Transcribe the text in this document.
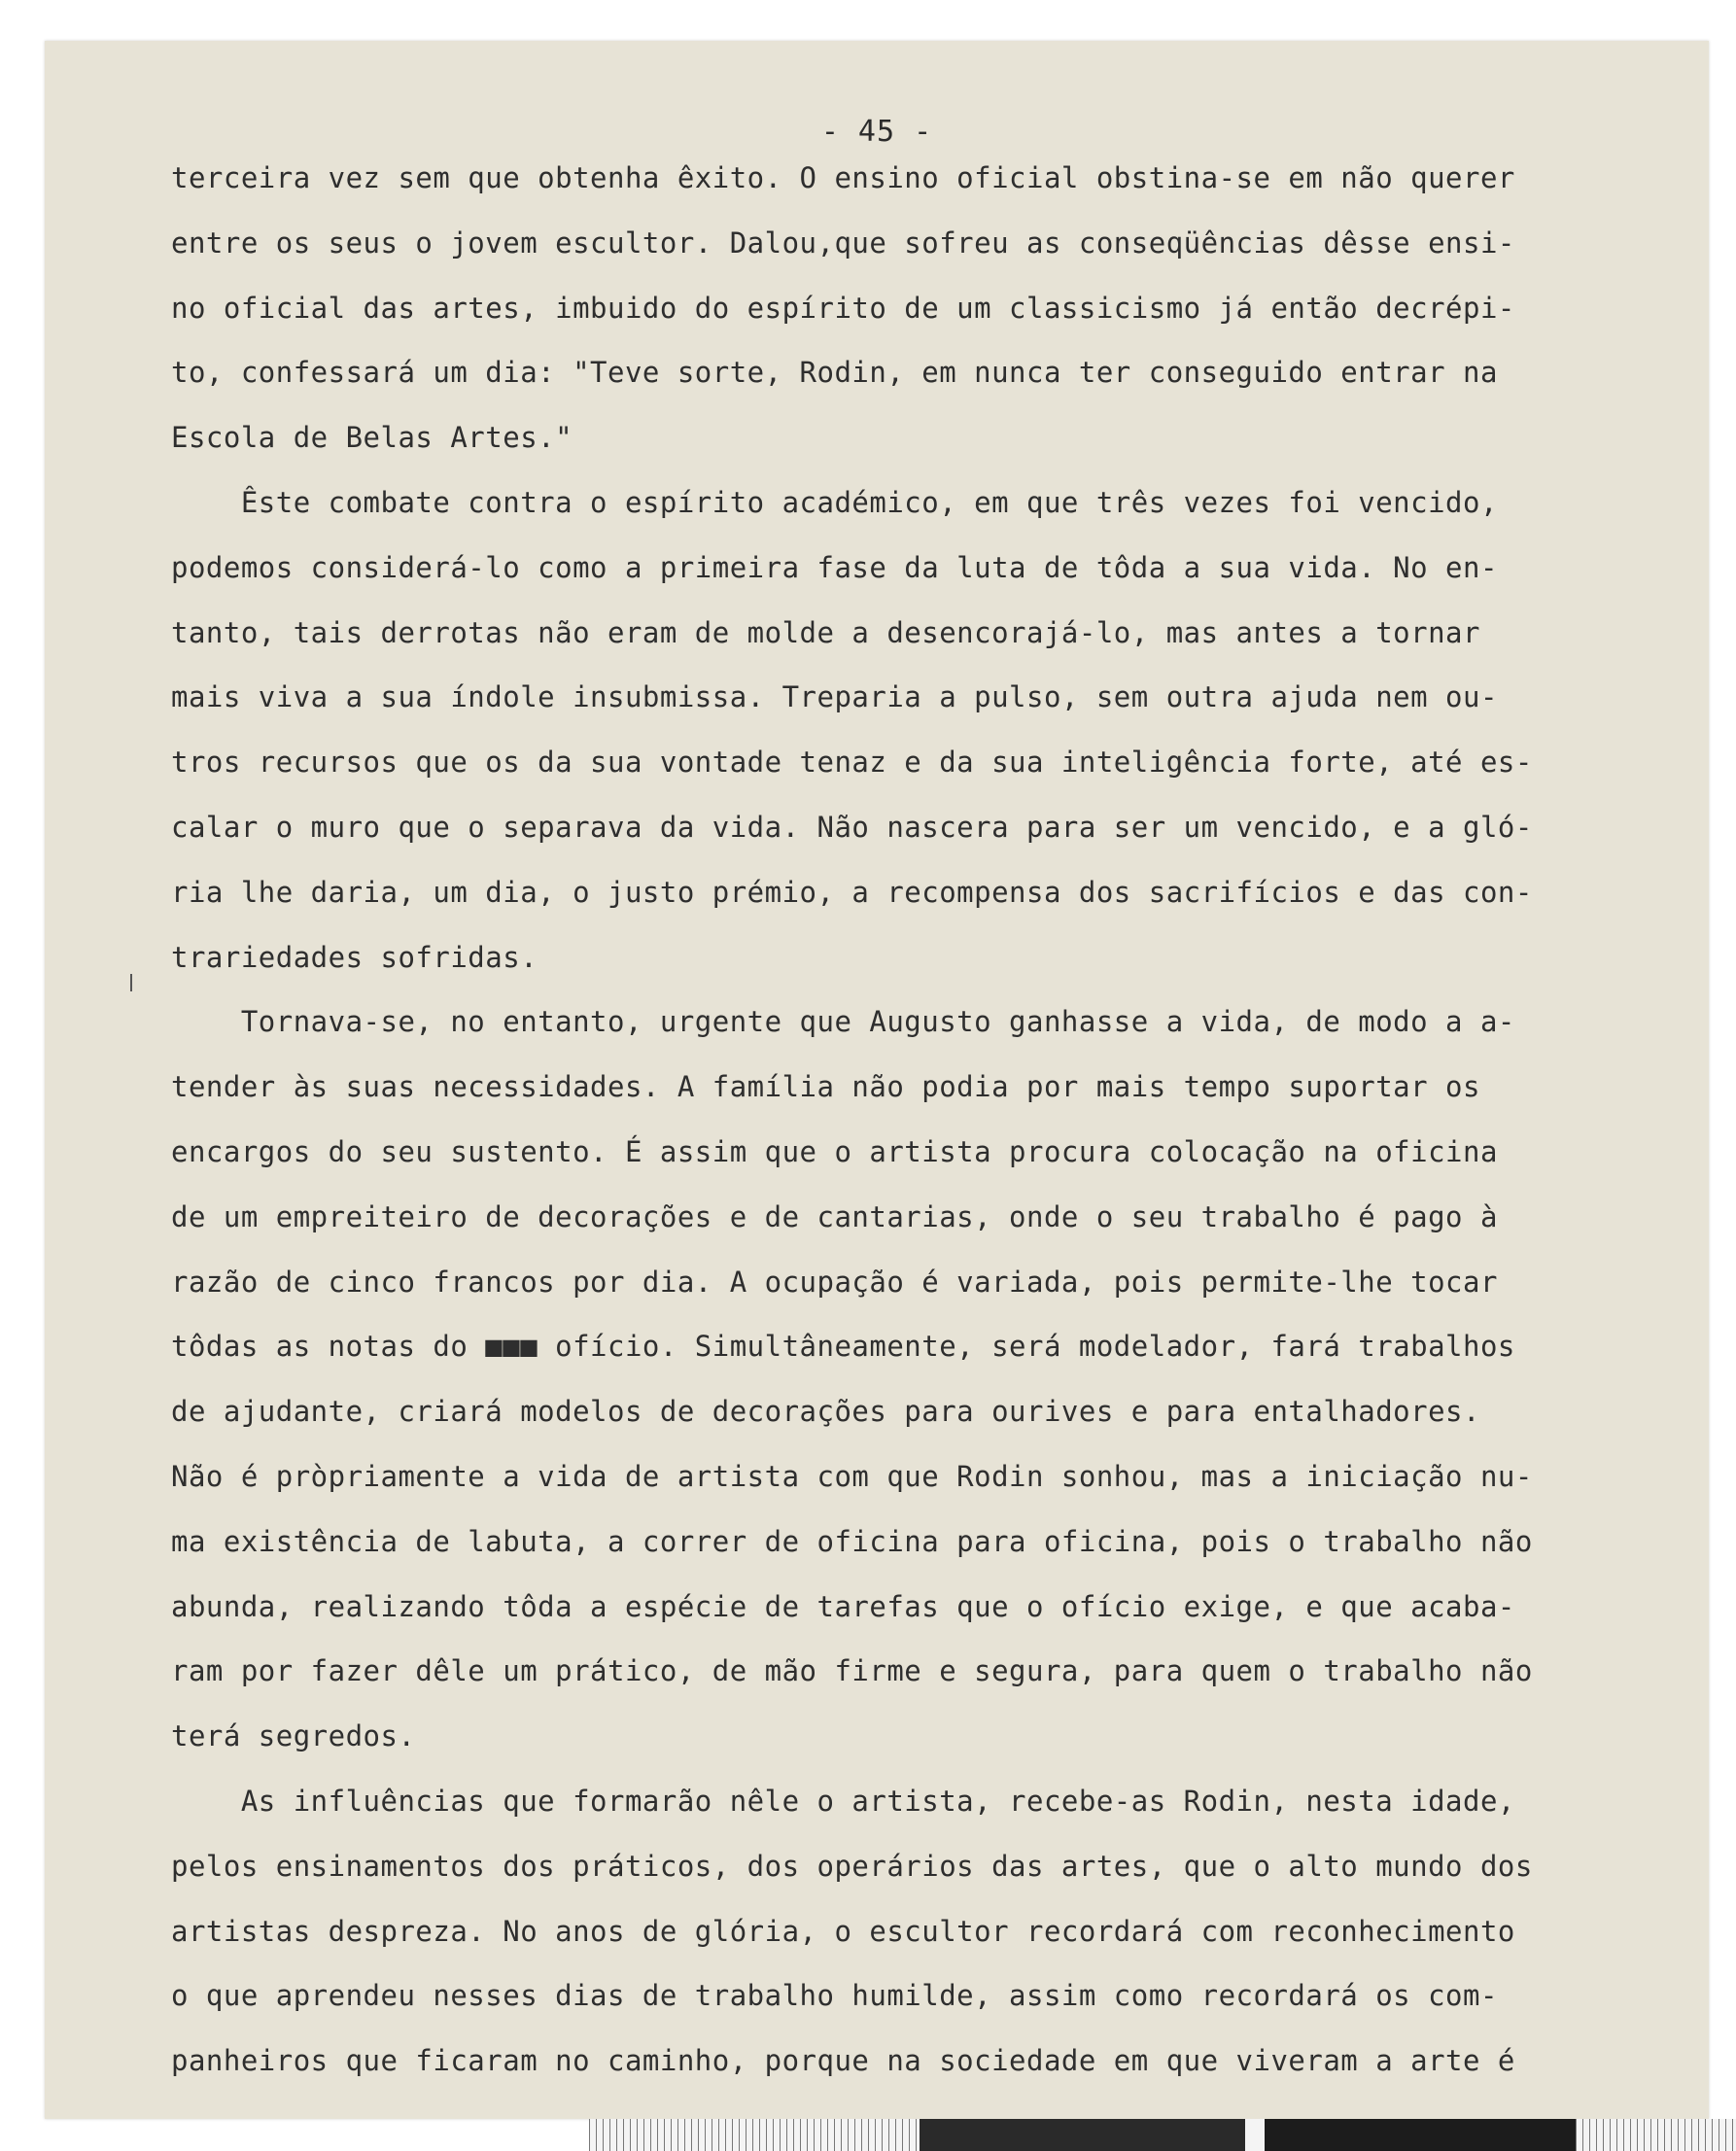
- 45 -
terceira vez sem que obtenha êxito. O ensino oficial obstina-se em não querer
entre os seus o jovem escultor. Dalou,que sofreu as conseqüências dêsse ensi-
no oficial das artes, imbuido do espírito de um classicismo já então decrépi-
to, confessará um dia: "Teve sorte, Rodin, em nunca ter conseguido entrar na
Escola de Belas Artes."
Êste combate contra o espírito académico, em que três vezes foi vencido,
podemos considerá-lo como a primeira fase da luta de tôda a sua vida. No en-
tanto, tais derrotas não eram de molde a desencorajá-lo, mas antes a tornar
mais viva a sua índole insubmissa. Treparia a pulso, sem outra ajuda nem ou-
tros recursos que os da sua vontade tenaz e da sua inteligência forte, até es-
calar o muro que o separava da vida. Não nascera para ser um vencido, e a gló-
ria lhe daria, um dia, o justo prémio, a recompensa dos sacrifícios e das con-
trariedades sofridas.
Tornava-se, no entanto, urgente que Augusto ganhasse a vida, de modo a a-
tender às suas necessidades. A família não podia por mais tempo suportar os
encargos do seu sustento. É assim que o artista procura colocação na oficina
de um empreiteiro de decorações e de cantarias, onde o seu trabalho é pago à
razão de cinco francos por dia. A ocupação é variada, pois permite-lhe tocar
tôdas as notas do ■■■ ofício. Simultâneamente, será modelador, fará trabalhos
de ajudante, criará modelos de decorações para ourives e para entalhadores.
Não é pròpriamente a vida de artista com que Rodin sonhou, mas a iniciação nu-
ma existência de labuta, a correr de oficina para oficina, pois o trabalho não
abunda, realizando tôda a espécie de tarefas que o ofício exige, e que acaba-
ram por fazer dêle um prático, de mão firme e segura, para quem o trabalho não
terá segredos.
As influências que formarão nêle o artista, recebe-as Rodin, nesta idade,
pelos ensinamentos dos práticos, dos operários das artes, que o alto mundo dos
artistas despreza. No anos de glória, o escultor recordará com reconhecimento
o que aprendeu nesses dias de trabalho humilde, assim como recordará os com-
panheiros que ficaram no caminho, porque na sociedade em que viveram a arte é
